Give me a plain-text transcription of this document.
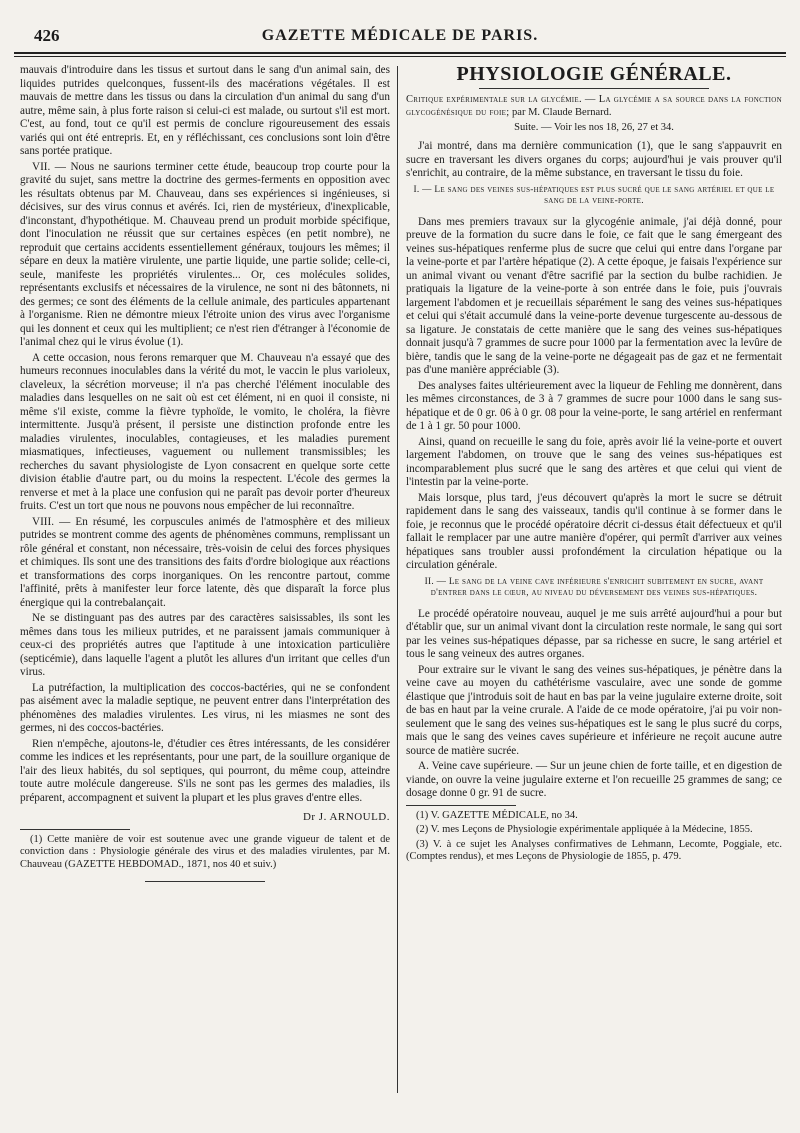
426	GAZETTE MÉDICALE DE PARIS.

mauvais d'introduire dans les tissus et surtout dans le sang d'un animal sain, des liquides putrides quelconques, fussent-ils des macérations végétales. Il est mauvais de mettre dans les tissus ou dans la circulation d'un animal du sang d'un autre, même sain, à plus forte raison si celui-ci est malade, ou surtout s'il est mort. C'est, au fond, tout ce qu'il est permis de conclure rigoureusement des essais variés qui ont été entrepris. Et, en y réfléchissant, ces conclusions sont loin d'être sans portée pratique.

VII. — Nous ne saurions terminer cette étude, beaucoup trop courte pour la gravité du sujet, sans mettre la doctrine des germes-ferments en opposition avec les résultats obtenus par M. Chauveau, dans ses expériences si ingénieuses, si décisives, sur des virus connus et avérés. Ici, rien de mystérieux, d'inexplicable, d'inconstant, d'hypothétique. M. Chauveau prend un produit morbide spécifique, dont l'inoculation ne réussit que sur certaines espèces (en petit nombre), ne reproduit que certains accidents essentiellement généraux, toujours les mêmes; il sépare en deux la matière virulente, une partie liquide, une partie solide; celle-ci, seule, manifeste les propriétés virulentes... Or, ces molécules solides, représentants exclusifs et nécessaires de la virulence, ne sont ni des bâtonnets, ni des germes; ce sont des éléments de la cellule animale, des particules appartenant à l'organisme. Rien ne démontre mieux l'étroite union des virus avec l'organisme qui les donnent et ceux qui les multiplient; ce n'est rien d'étranger à l'économie de l'animal chez qui le virus évolue (1).

A cette occasion, nous ferons remarquer que M. Chauveau n'a essayé que des humeurs reconnues inoculables dans la vérité du mot, le vaccin le plus varioleux, claveleux, la sécrétion morveuse; il n'a pas cherché l'élément inoculable des maladies dans lesquelles on ne sait où est cet élément, ni en quoi il consiste, ni même s'il existe, comme la fièvre typhoïde, le vomito, le choléra, la fièvre intermittente. Jusqu'à présent, il persiste une distinction profonde entre les maladies virulentes, inoculables, contagieuses, et les maladies purement miasmatiques, infectieuses, vaguement ou nullement transmissibles; les recherches du savant physiologiste de Lyon consacrent en quelque sorte cette division établie d'autre part, ou du moins la respectent. L'école des germes la renverse et met à la place une confusion qui ne paraît pas devoir porter d'heureux fruits. C'est un tort que nous ne pouvons nous empêcher de lui reconnaître.

VIII. — En résumé, les corpuscules animés de l'atmosphère et des milieux putrides se montrent comme des agents de phénomènes communs, remplissant un rôle général et constant, non nécessaire, très-voisin de celui des forces physiques et chimiques. Ils sont une des transitions des faits d'ordre biologique aux réactions et transformations des corps inorganiques. On les rencontre partout, comme l'affinité, prêts à manifester leur force latente, dès que disparaît la force plus énergique qui la contrebalançait.

Ne se distinguant pas des autres par des caractères saisissables, ils sont les mêmes dans tous les milieux putrides, et ne paraissent jamais communiquer à ceux-ci des propriétés autres que l'aptitude à une intoxication particulière (septicémie), dans laquelle l'agent a plutôt les allures d'un irritant que celles d'un virus.

La putréfaction, la multiplication des coccos-bactéries, qui ne se confondent pas aisément avec la maladie septique, ne peuvent entrer dans l'interprétation des phénomènes des maladies virulentes. Les virus, ni les miasmes ne sont des germes, ni des coccos-bactéries.

Rien n'empêche, ajoutons-le, d'étudier ces êtres intéressants, de les considérer comme les indices et les représentants, pour une part, de la souillure organique de l'air des lieux habités, du sol septiques, qui pourront, du même coup, atteindre toute autre molécule dangereuse. S'ils ne sont pas les germes des maladies, ils préparent, accompagnent et suivent la plupart et les plus graves d'entre elles.

Dr J. ARNOULD.

(1) Cette manière de voir est soutenue avec une grande vigueur de talent et de conviction dans : Physiologie générale des virus et des maladies virulentes, par M. Chauveau (GAZETTE HEBDOMAD., 1871, nos 40 et suiv.)

PHYSIOLOGIE GÉNÉRALE.

Critique expérimentale sur la glycémie. — La glycémie a sa source dans la fonction glycogénésique du foie; par M. Claude Bernard.

Suite. — Voir les nos 18, 26, 27 et 34.

J'ai montré, dans ma dernière communication (1), que le sang s'appauvrit en sucre en traversant les divers organes du corps; aujourd'hui je vais prouver qu'il s'enrichit, au contraire, de la même substance, en traversant le tissu du foie.

I. — Le sang des veines sus-hépatiques est plus sucré que le sang artériel et que le sang de la veine-porte.

Dans mes premiers travaux sur la glycogénie animale, j'ai déjà donné, pour preuve de la formation du sucre dans le foie, ce fait que le sang émergeant des veines sus-hépatiques renferme plus de sucre que celui qui entre dans l'organe par la veine-porte et par l'artère hépatique (2). A cette époque, je faisais l'expérience sur un animal vivant ou venant d'être sacrifié par la section du bulbe rachidien. Je pratiquais la ligature de la veine-porte à son entrée dans le foie, puis j'ouvrais largement l'abdomen et je recueillais séparément le sang des veines sus-hépatiques et celui qui s'était accumulé dans la veine-porte devenue turgescente au-dessous de sa ligature. Je constatais de cette manière que le sang des veines sus-hépatiques donnait jusqu'à 7 grammes de sucre pour 1000 par la fermentation avec la levûre de bière, tandis que le sang de la veine-porte ne dégageait pas de gaz et ne fermentait pas d'une manière appréciable (3).

Des analyses faites ultérieurement avec la liqueur de Fehling me donnèrent, dans les mêmes circonstances, de 3 à 7 grammes de sucre pour 1000 dans le sang sus-hépatique et de 0 gr. 06 à 0 gr. 08 pour la veine-porte, le sang artériel en renfermant de 1 à 1 gr. 50 pour 1000.

Ainsi, quand on recueille le sang du foie, après avoir lié la veine-porte et ouvert largement l'abdomen, on trouve que le sang des veines sus-hépatiques est incomparablement plus sucré que le sang des artères et que celui qui vient de l'intestin par la veine-porte.

Mais lorsque, plus tard, j'eus découvert qu'après la mort le sucre se détruit rapidement dans le sang des vaisseaux, tandis qu'il continue à se former dans le foie, je reconnus que le procédé opératoire décrit ci-dessus était défectueux et qu'il fallait le remplacer par une autre manière d'opérer, qui permît d'arriver aux veines hépatiques sans troubler aussi profondément la circulation hépatique ou la circulation générale.

II. — Le sang de la veine cave inférieure s'enrichit subitement en sucre, avant d'entrer dans le cœur, au niveau du déversement des veines sus-hépatiques.

Le procédé opératoire nouveau, auquel je me suis arrêté aujourd'hui a pour but d'établir que, sur un animal vivant dont la circulation reste normale, le sang qui sort par les veines sus-hépatiques dépasse, par sa richesse en sucre, le sang artériel et tous le sang veineux des autres organes.

Pour extraire sur le vivant le sang des veines sus-hépatiques, je pénètre dans la veine cave au moyen du cathétérisme vasculaire, avec une sonde de gomme élastique que j'introduis soit de haut en bas par la veine jugulaire externe droite, soit de bas en haut par la veine crurale. A l'aide de ce mode opératoire, j'ai pu voir non-seulement que le sang des veines sus-hépatiques est le sang le plus sucré du corps, mais que le sang des veines caves supérieure et inférieure ne reçoit aucune autre source de matière sucrée.

A. Veine cave supérieure. — Sur un jeune chien de forte taille, et en digestion de viande, on ouvre la veine jugulaire externe et l'on recueille 25 grammes de sang; ce dosage donne 0 gr. 91 de sucre.

(1) V. GAZETTE MÉDICALE, no 34.

(2) V. mes Leçons de Physiologie expérimentale appliquée à la Médecine, 1855.

(3) V. à ce sujet les Analyses confirmatives de Lehmann, Lecomte, Poggiale, etc. (Comptes rendus), et mes Leçons de Physiologie de 1855, p. 479.
